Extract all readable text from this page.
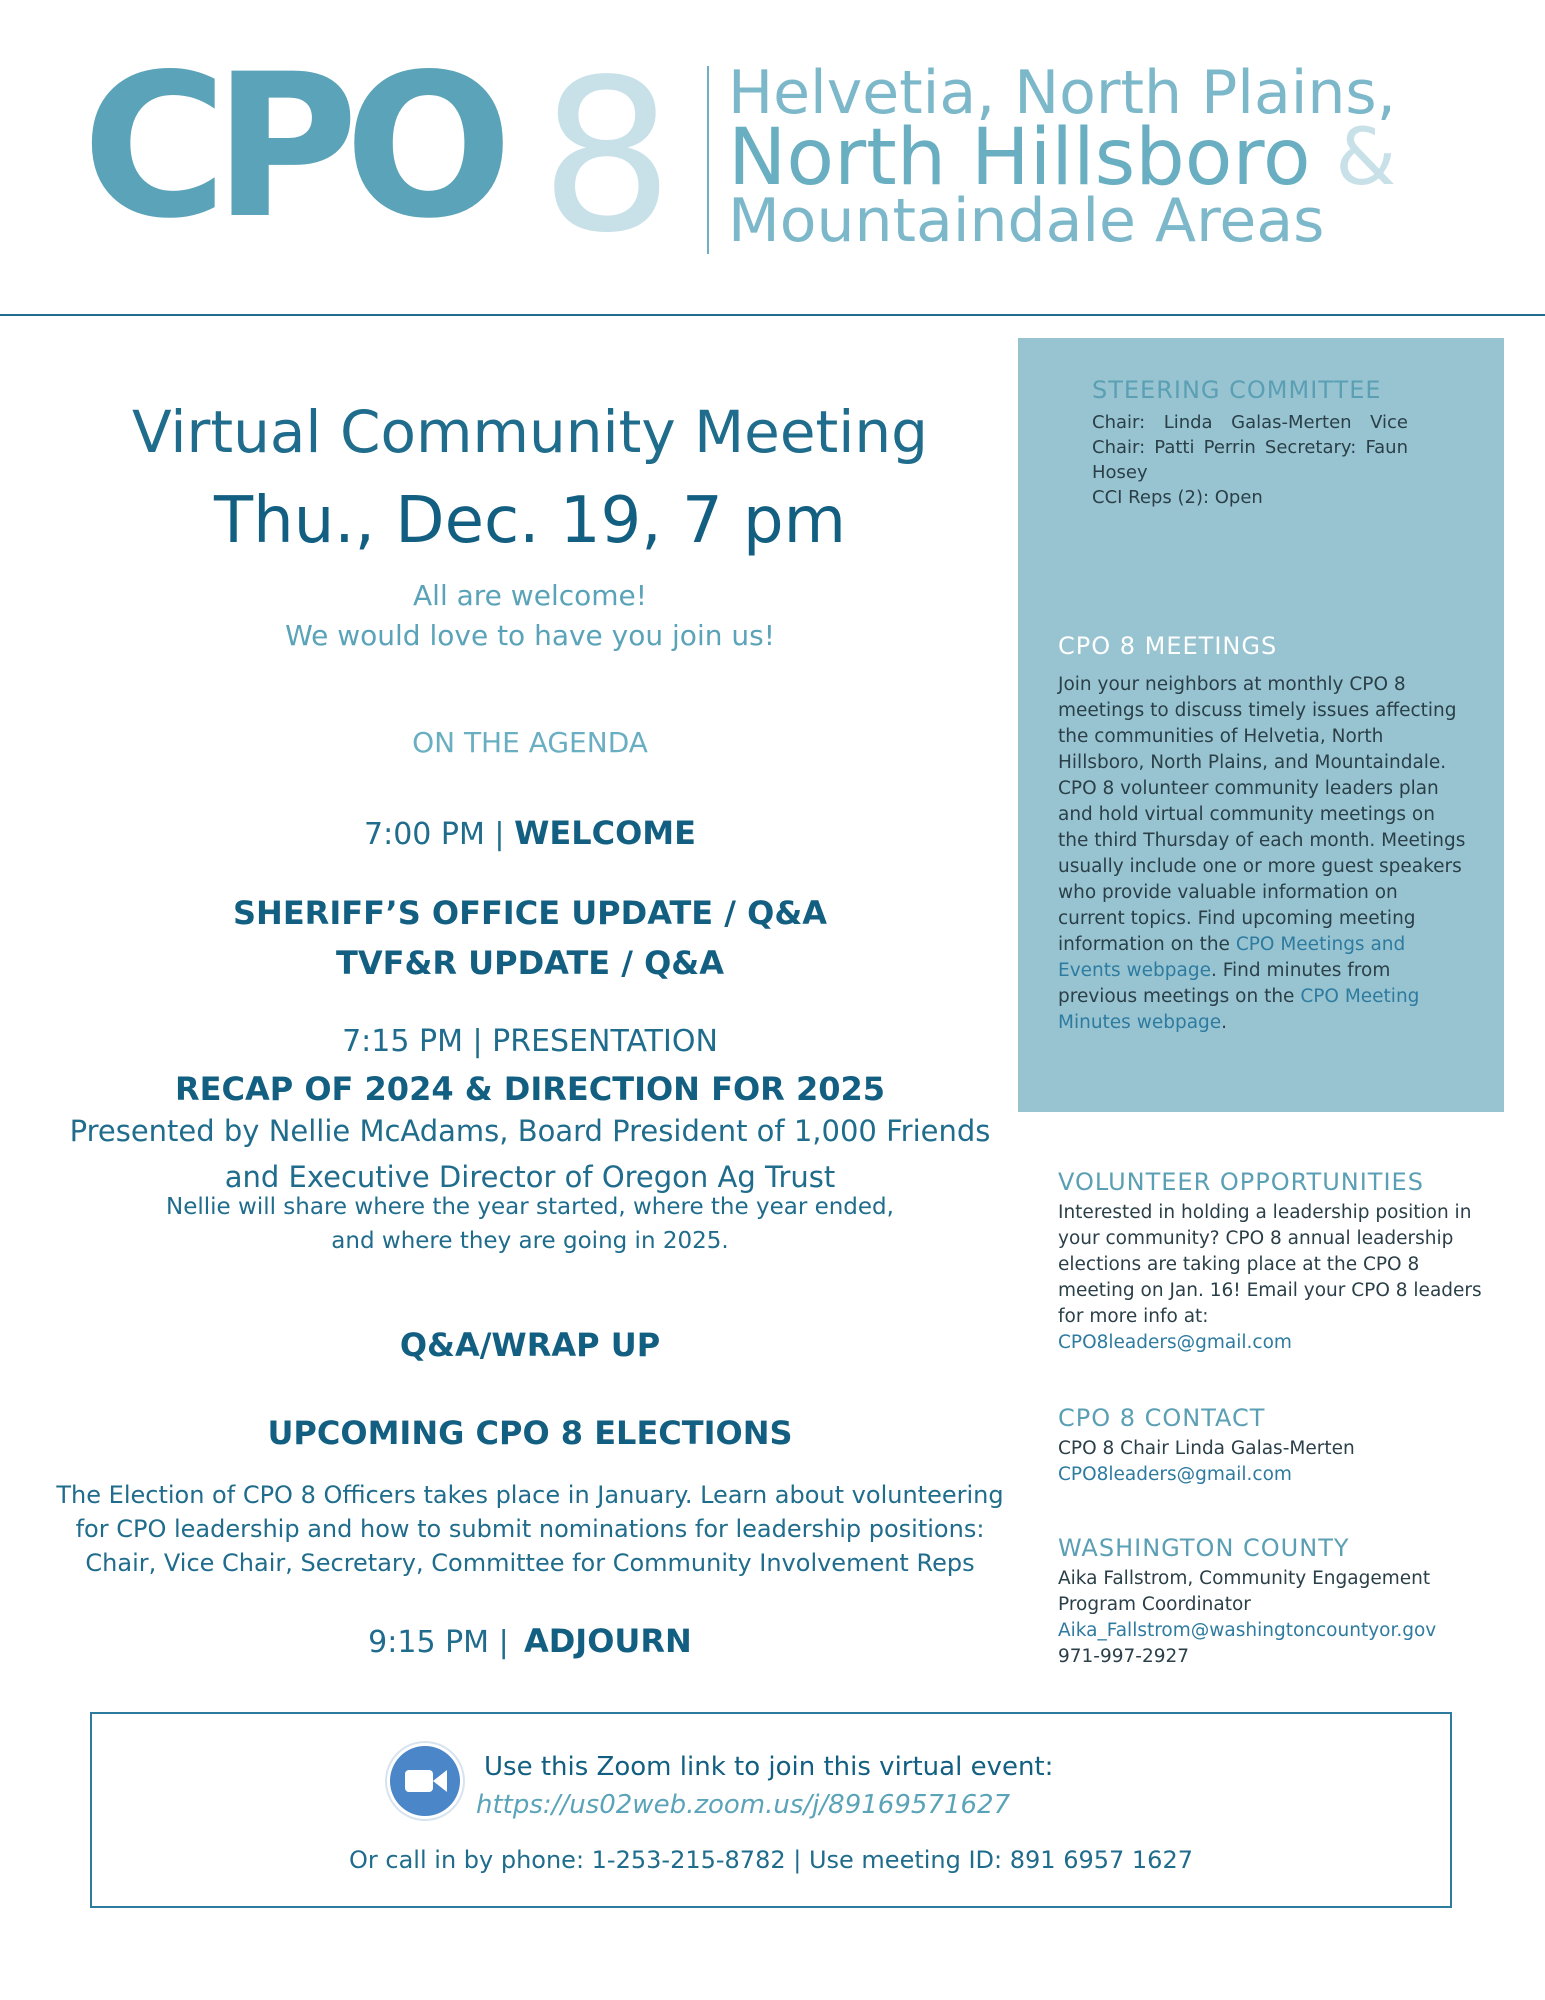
CPO 8 Helvetia, North Plains,
North Hillsboro &
Mountaindale Areas
Virtual Community Meeting
Thu., Dec. 19, 7 pm
All are welcome!
We would love to have you join us!
ON THE AGENDA
7:00 PM | WELCOME
SHERIFF’S OFFICE UPDATE / Q&A
TVF&R UPDATE / Q&A
7:15 PM | PRESENTATION
RECAP OF 2024 & DIRECTION FOR 2025
Presented by Nellie McAdams, Board President of 1,000 Friends
and Executive Director of Oregon Ag Trust
Nellie will share where the year started, where the year ended,
and where they are going in 2025.
Q&A/WRAP UP
UPCOMING CPO 8 ELECTIONS
The Election of CPO 8 Officers takes place in January. Learn about volunteering
for CPO leadership and how to submit nominations for leadership positions:
Chair, Vice Chair, Secretary, Committee for Community Involvement Reps
9:15 PM | ADJOURN
STEERING COMMITTEE
Chair: Linda Galas-Merten Vice Chair: Patti Perrin Secretary: Faun Hosey
CCI Reps (2): Open
CPO 8 MEETINGS
Join your neighbors at monthly CPO 8 meetings to discuss timely issues affecting the communities of Helvetia, North Hillsboro, North Plains, and Mountaindale. CPO 8 volunteer community leaders plan and hold virtual community meetings on the third Thursday of each month. Meetings usually include one or more guest speakers who provide valuable information on current topics. Find upcoming meeting information on the CPO Meetings and Events webpage. Find minutes from previous meetings on the CPO Meeting Minutes webpage.
VOLUNTEER OPPORTUNITIES
Interested in holding a leadership position in your community? CPO 8 annual leadership elections are taking place at the CPO 8 meeting on Jan. 16! Email your CPO 8 leaders for more info at:
CPO8leaders@gmail.com
CPO 8 CONTACT
CPO 8 Chair Linda Galas-Merten
CPO8leaders@gmail.com
WASHINGTON COUNTY
Aika Fallstrom, Community Engagement
Program Coordinator
Aika_Fallstrom@washingtoncountyor.gov
971-997-2927
Use this Zoom link to join this virtual event:
https://us02web.zoom.us/j/89169571627
Or call in by phone: 1-253-215-8782 | Use meeting ID: 891 6957 1627
